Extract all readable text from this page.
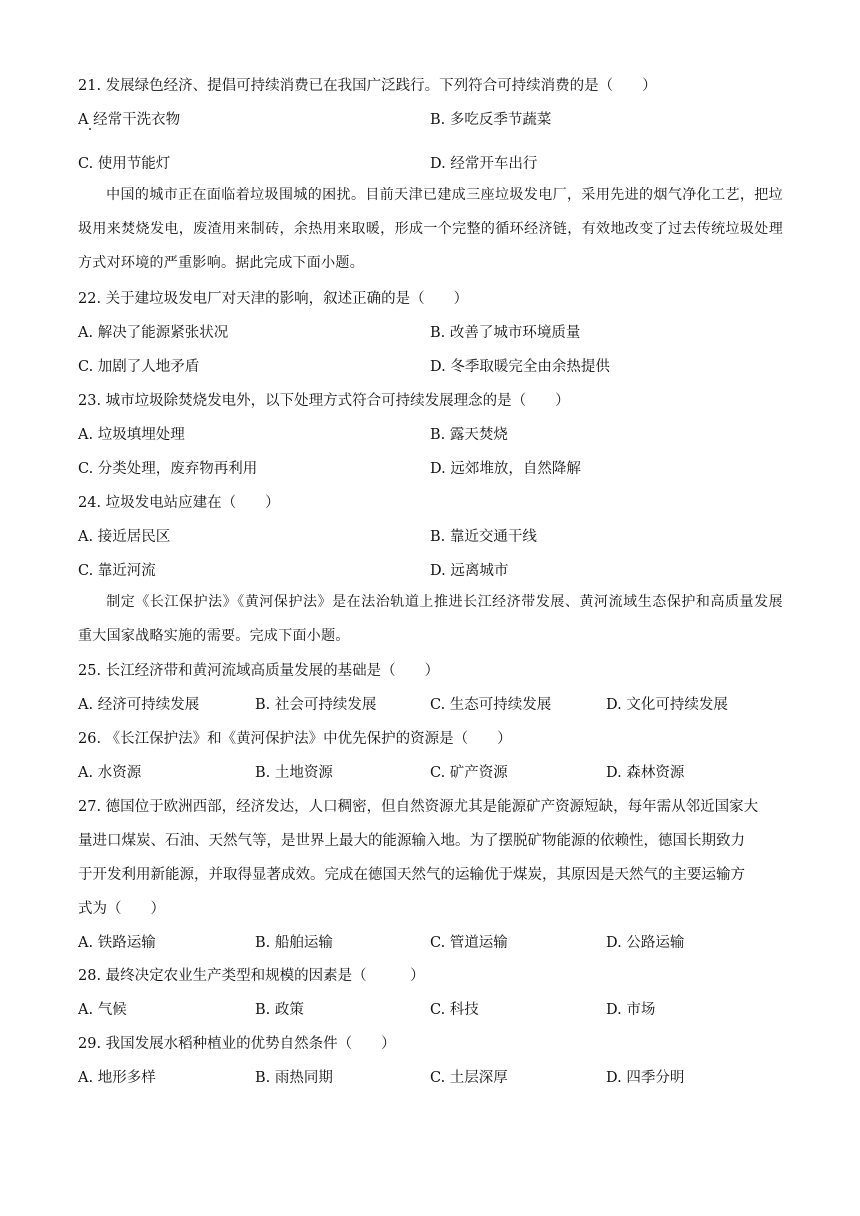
21. 发展绿色经济、提倡可持续消费已在我国广泛践行。下列符合可持续消费的是（　　）
A 经常干洗衣物	B. 多吃反季节蔬菜
C. 使用节能灯	D. 经常开车出行
中国的城市正在面临着垃圾围城的困扰。目前天津已建成三座垃圾发电厂，采用先进的烟气净化工艺，把垃圾用来焚烧发电，废渣用来制砖，余热用来取暖，形成一个完整的循环经济链，有效地改变了过去传统垃圾处理方式对环境的严重影响。据此完成下面小题。
22. 关于建垃圾发电厂对天津的影响，叙述正确的是（　　）
A. 解决了能源紧张状况	B. 改善了城市环境质量
C. 加剧了人地矛盾	D. 冬季取暖完全由余热提供
23. 城市垃圾除焚烧发电外，以下处理方式符合可持续发展理念的是（　　）
A. 垃圾填埋处理	B. 露天焚烧
C. 分类处理，废弃物再利用	D. 远郊堆放，自然降解
24. 垃圾发电站应建在（　　）
A. 接近居民区	B. 靠近交通干线
C. 靠近河流	D. 远离城市
制定《长江保护法》《黄河保护法》是在法治轨道上推进长江经济带发展、黄河流域生态保护和高质量发展重大国家战略实施的需要。完成下面小题。
25. 长江经济带和黄河流域高质量发展的基础是（　　）
A. 经济可持续发展	B. 社会可持续发展	C. 生态可持续发展	D. 文化可持续发展
26. 《长江保护法》和《黄河保护法》中优先保护的资源是（　　）
A. 水资源	B. 土地资源	C. 矿产资源	D. 森林资源
27. 德国位于欧洲西部，经济发达，人口稠密，但自然资源尤其是能源矿产资源短缺，每年需从邻近国家大
量进口煤炭、石油、天然气等，是世界上最大的能源输入地。为了摆脱矿物能源的依赖性，德国长期致力
于开发利用新能源，并取得显著成效。完成在德国天然气的运输优于煤炭，其原因是天然气的主要运输方
式为（　　）
A. 铁路运输	B. 船舶运输	C. 管道运输	D. 公路运输
28. 最终决定农业生产类型和规模的因素是（　　　）
A. 气候	B. 政策	C. 科技	D. 市场
29. 我国发展水稻种植业的优势自然条件（　　）
A. 地形多样	B. 雨热同期	C. 土层深厚	D. 四季分明
